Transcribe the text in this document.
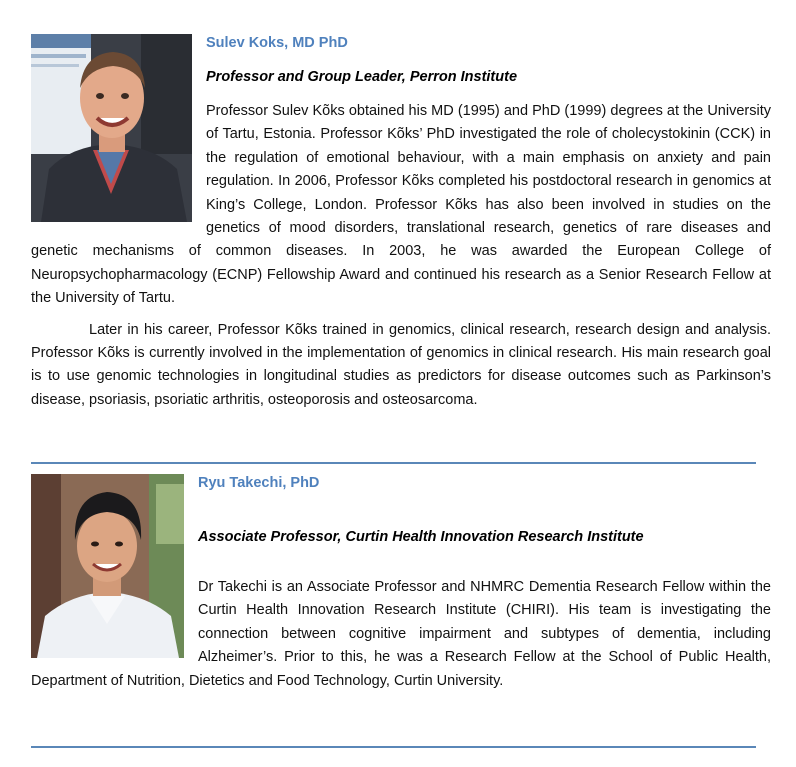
Sulev Koks, MD PhD

Professor and Group Leader, Perron Institute

Professor Sulev Kõks obtained his MD (1995) and PhD (1999) degrees at the University of Tartu, Estonia. Professor Kõks’ PhD investigated the role of cholecystokinin (CCK) in the regulation of emotional behaviour, with a main emphasis on anxiety and pain regulation. In 2006, Professor Kõks completed his postdoctoral research in genomics at King’s College, London. Professor Kõks has also been involved in studies on the genetics of mood disorders, translational research, genetics of rare diseases and genetic mechanisms of common diseases. In 2003, he was awarded the European College of Neuropsychopharmacology (ECNP) Fellowship Award and continued his research as a Senior Research Fellow at the University of Tartu.

Later in his career, Professor Kõks trained in genomics, clinical research, research design and analysis. Professor Kõks is currently involved in the implementation of genomics in clinical research. His main research goal is to use genomic technologies in longitudinal studies as predictors for disease outcomes such as Parkinson’s disease, psoriasis, psoriatic arthritis, osteoporosis and osteosarcoma.

Ryu Takechi, PhD

Associate Professor, Curtin Health Innovation Research Institute

Dr Takechi is an Associate Professor and NHMRC Dementia Research Fellow within the Curtin Health Innovation Research Institute (CHIRI). His team is investigating the connection between cognitive impairment and subtypes of dementia, including Alzheimer’s. Prior to this, he was a Research Fellow at the School of Public Health, Department of Nutrition, Dietetics and Food Technology, Curtin University.
